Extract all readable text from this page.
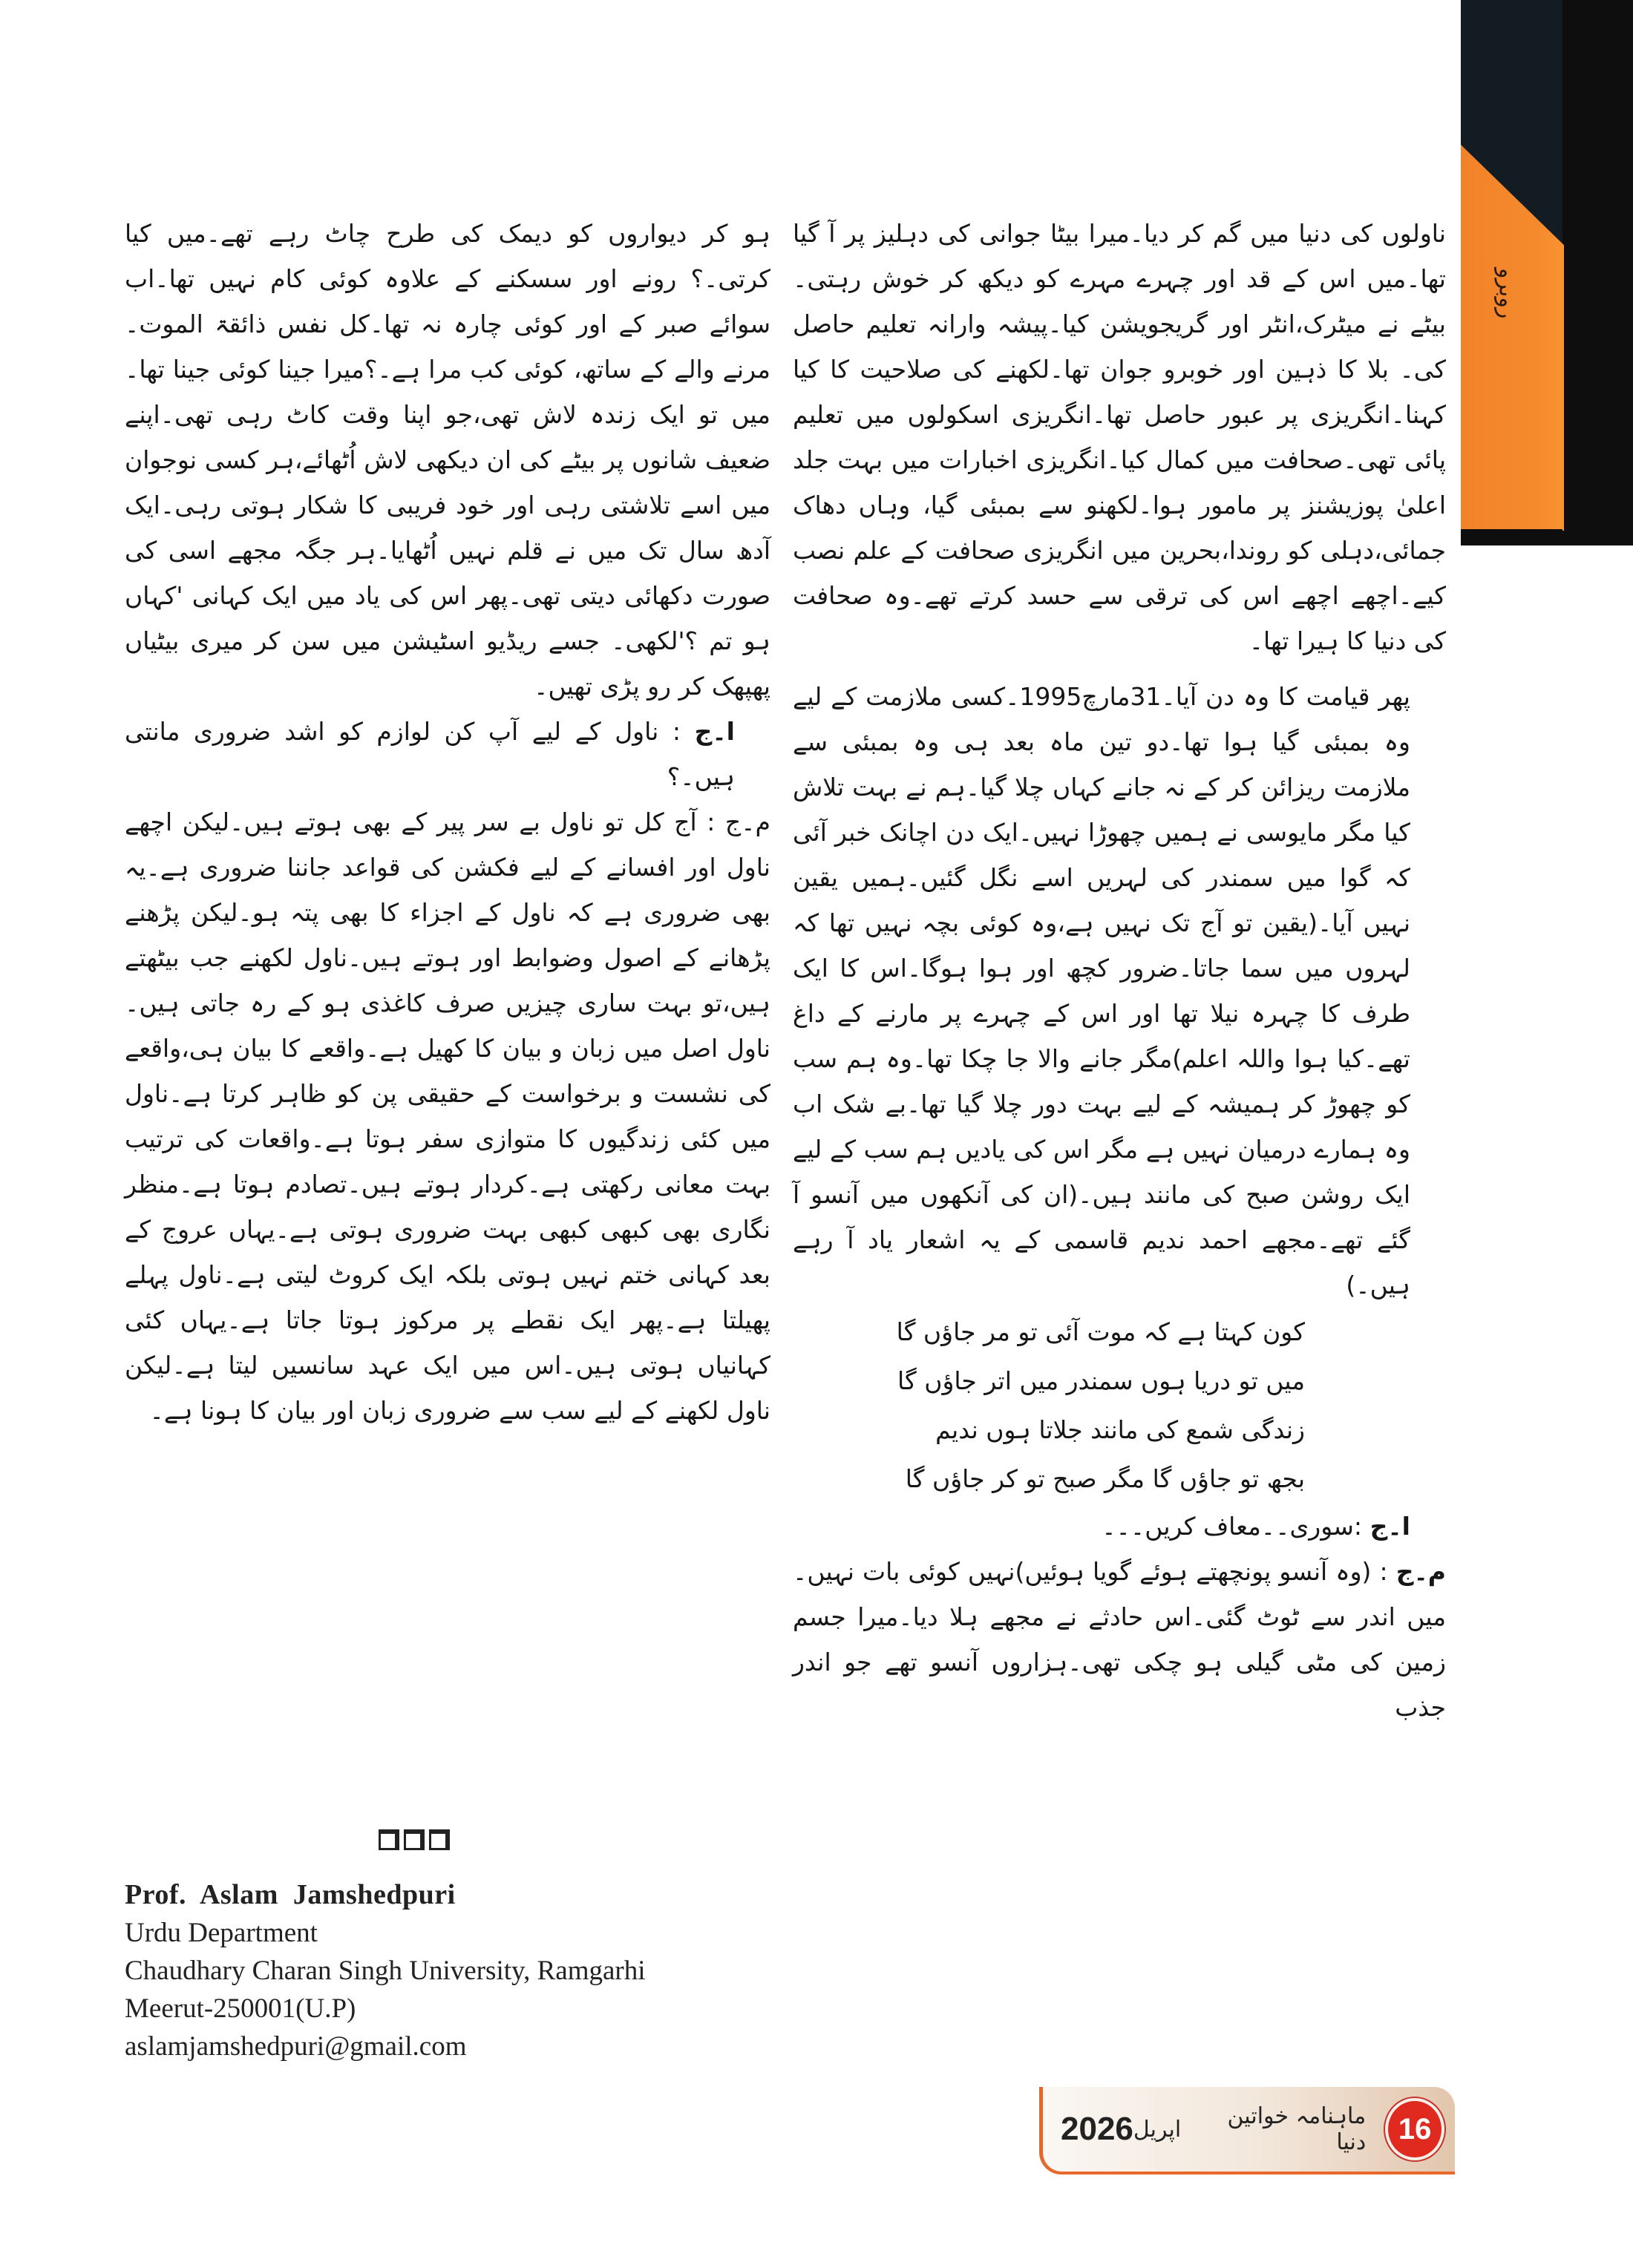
روبرو

ناولوں کی دنیا میں گم کر دیا۔میرا بیٹا جوانی کی دہلیز پر آ گیا تھا۔میں اس کے قد اور چہرے مہرے کو دیکھ کر خوش رہتی۔ بیٹے نے میٹرک،انٹر اور گریجویشن کیا۔پیشہ وارانہ تعلیم حاصل کی۔ بلا کا ذہین اور خوبرو جوان تھا۔لکھنے کی صلاحیت کا کیا کہنا۔انگریزی پر عبور حاصل تھا۔انگریزی اسکولوں میں تعلیم پائی تھی۔صحافت میں کمال کیا۔انگریزی اخبارات میں بہت جلد اعلیٰ پوزیشنز پر مامور ہوا۔لکھنو سے بمبئی گیا، وہاں دھاک جمائی،دہلی کو روندا،بحرین میں انگریزی صحافت کے علم نصب کیے۔اچھے اچھے اس کی ترقی سے حسد کرتے تھے۔وہ صحافت کی دنیا کا ہیرا تھا۔

پھر قیامت کا وہ دن آیا۔31مارچ1995۔کسی ملازمت کے لیے وہ بمبئی گیا ہوا تھا۔دو تین ماہ بعد ہی وہ بمبئی سے ملازمت ریزائن کر کے نہ جانے کہاں چلا گیا۔ہم نے بہت تلاش کیا مگر مایوسی نے ہمیں چھوڑا نہیں۔ایک دن اچانک خبر آئی کہ گوا میں سمندر کی لہریں اسے نگل گئیں۔ہمیں یقین نہیں آیا۔(یقین تو آج تک نہیں ہے،وہ کوئی بچہ نہیں تھا کہ لہروں میں سما جاتا۔ضرور کچھ اور ہوا ہوگا۔اس کا ایک طرف کا چہرہ نیلا تھا اور اس کے چہرے پر مارنے کے داغ تھے۔کیا ہوا واللہ اعلم)مگر جانے والا جا چکا تھا۔وہ ہم سب کو چھوڑ کر ہمیشہ کے لیے بہت دور چلا گیا تھا۔بے شک اب وہ ہمارے درمیان نہیں ہے مگر اس کی یادیں ہم سب کے لیے ایک روشن صبح کی مانند ہیں۔(ان کی آنکھوں میں آنسو آ گئے تھے۔مجھے احمد ندیم قاسمی کے یہ اشعار یاد آ رہے ہیں۔)

کون کہتا ہے کہ موت آئی تو مر جاؤں گا
میں تو دریا ہوں سمندر میں اتر جاؤں گا
زندگی شمع کی مانند جلاتا ہوں ندیم
بجھ تو جاؤں گا مگر صبح تو کر جاؤں گا

ا۔ج :سوری۔۔معاف کریں۔۔۔

م۔ج : (وہ آنسو پونچھتے ہوئے گویا ہوئیں)نہیں کوئی بات نہیں۔میں اندر سے ٹوٹ گئی۔اس حادثے نے مجھے ہلا دیا۔میرا جسم زمین کی مٹی گیلی ہو چکی تھی۔ہزاروں آنسو تھے جو اندر جذب

ہو کر دیواروں کو دیمک کی طرح چاٹ رہے تھے۔میں کیا کرتی۔؟ رونے اور سسکنے کے علاوہ کوئی کام نہیں تھا۔اب سوائے صبر کے اور کوئی چارہ نہ تھا۔کل نفس ذائقۃ الموت۔مرنے والے کے ساتھ، کوئی کب مرا ہے۔؟میرا جینا کوئی جینا تھا۔میں تو ایک زندہ لاش تھی،جو اپنا وقت کاٹ رہی تھی۔اپنے ضعیف شانوں پر بیٹے کی ان دیکھی لاش اُٹھائے،ہر کسی نوجوان میں اسے تلاشتی رہی اور خود فریبی کا شکار ہوتی رہی۔ایک آدھ سال تک میں نے قلم نہیں اُٹھایا۔ہر جگہ مجھے اسی کی صورت دکھائی دیتی تھی۔پھر اس کی یاد میں ایک کہانی 'کہاں ہو تم ؟'لکھی۔ جسے ریڈیو اسٹیشن میں سن کر میری بیٹیاں پھپھک کر رو پڑی تھیں۔

ا۔ج : ناول کے لیے آپ کن لوازم کو اشد ضروری مانتی ہیں۔؟

م۔ج : آج کل تو ناول بے سر پیر کے بھی ہوتے ہیں۔لیکن اچھے ناول اور افسانے کے لیے فکشن کی قواعد جاننا ضروری ہے۔یہ بھی ضروری ہے کہ ناول کے اجزاء کا بھی پتہ ہو۔لیکن پڑھنے پڑھانے کے اصول وضوابط اور ہوتے ہیں۔ناول لکھنے جب بیٹھتے ہیں،تو بہت ساری چیزیں صرف کاغذی ہو کے رہ جاتی ہیں۔ناول اصل میں زبان و بیان کا کھیل ہے۔واقعے کا بیان ہی،واقعے کی نشست و برخواست کے حقیقی پن کو ظاہر کرتا ہے۔ناول میں کئی زندگیوں کا متوازی سفر ہوتا ہے۔واقعات کی ترتیب بہت معانی رکھتی ہے۔کردار ہوتے ہیں۔تصادم ہوتا ہے۔منظر نگاری بھی کبھی کبھی بہت ضروری ہوتی ہے۔یہاں عروج کے بعد کہانی ختم نہیں ہوتی بلکہ ایک کروٹ لیتی ہے۔ناول پہلے پھیلتا ہے۔پھر ایک نقطے پر مرکوز ہوتا جاتا ہے۔یہاں کئی کہانیاں ہوتی ہیں۔اس میں ایک عہد سانسیں لیتا ہے۔لیکن ناول لکھنے کے لیے سب سے ضروری زبان اور بیان کا ہونا ہے۔

Prof. Aslam Jamshedpuri
Urdu Department
Chaudhary Charan Singh University, Ramgarhi
Meerut-250001(U.P)
aslamjamshedpuri@gmail.com
2026	16
ماہنامہ خواتین دنیا
اپریل
